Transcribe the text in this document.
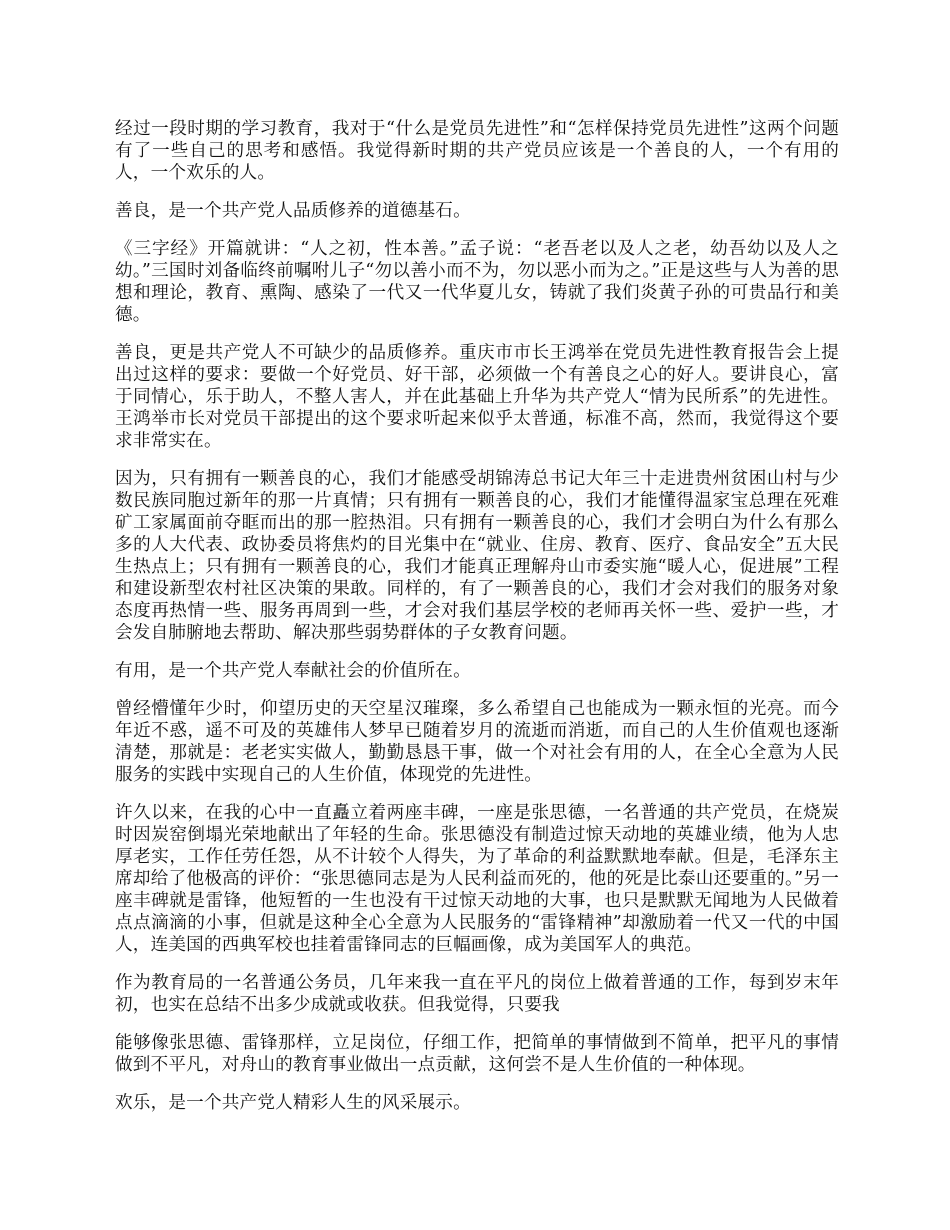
经过一段时期的学习教育，我对于“什么是党员先进性”和“怎样保持党员先进性”这两个问题有了一些自己的思考和感悟。我觉得新时期的共产党员应该是一个善良的人，一个有用的人，一个欢乐的人。

善良，是一个共产党人品质修养的道德基石。

《三字经》开篇就讲：“人之初，性本善。”孟子说：“老吾老以及人之老，幼吾幼以及人之幼。”三国时刘备临终前嘱咐儿子“勿以善小而不为，勿以恶小而为之。”正是这些与人为善的思想和理论，教育、熏陶、感染了一代又一代华夏儿女，铸就了我们炎黄子孙的可贵品行和美德。

善良，更是共产党人不可缺少的品质修养。重庆市市长王鸿举在党员先进性教育报告会上提出过这样的要求：要做一个好党员、好干部，必须做一个有善良之心的好人。要讲良心，富于同情心，乐于助人，不整人害人，并在此基础上升华为共产党人“情为民所系”的先进性。王鸿举市长对党员干部提出的这个要求听起来似乎太普通，标准不高，然而，我觉得这个要求非常实在。

因为，只有拥有一颗善良的心，我们才能感受胡锦涛总书记大年三十走进贵州贫困山村与少数民族同胞过新年的那一片真情；只有拥有一颗善良的心，我们才能懂得温家宝总理在死难矿工家属面前夺眶而出的那一腔热泪。只有拥有一颗善良的心，我们才会明白为什么有那么多的人大代表、政协委员将焦灼的目光集中在“就业、住房、教育、医疗、食品安全”五大民生热点上；只有拥有一颗善良的心，我们才能真正理解舟山市委实施“暖人心，促进展”工程和建设新型农村社区决策的果敢。同样的，有了一颗善良的心，我们才会对我们的服务对象态度再热情一些、服务再周到一些，才会对我们基层学校的老师再关怀一些、爱护一些，才会发自肺腑地去帮助、解决那些弱势群体的子女教育问题。

有用，是一个共产党人奉献社会的价值所在。

曾经懵懂年少时，仰望历史的天空星汉璀璨，多么希望自己也能成为一颗永恒的光亮。而今年近不惑，遥不可及的英雄伟人梦早已随着岁月的流逝而消逝，而自己的人生价值观也逐渐清楚，那就是：老老实实做人，勤勤恳恳干事，做一个对社会有用的人，在全心全意为人民服务的实践中实现自己的人生价值，体现党的先进性。

许久以来，在我的心中一直矗立着两座丰碑，一座是张思德，一名普通的共产党员，在烧炭时因炭窑倒塌光荣地献出了年轻的生命。张思德没有制造过惊天动地的英雄业绩，他为人忠厚老实，工作任劳任怨，从不计较个人得失，为了革命的利益默默地奉献。但是，毛泽东主席却给了他极高的评价：“张思德同志是为人民利益而死的，他的死是比泰山还要重的。”另一座丰碑就是雷锋，他短暂的一生也没有干过惊天动地的大事，也只是默默无闻地为人民做着点点滴滴的小事，但就是这种全心全意为人民服务的“雷锋精神”却激励着一代又一代的中国人，连美国的西典军校也挂着雷锋同志的巨幅画像，成为美国军人的典范。

作为教育局的一名普通公务员，几年来我一直在平凡的岗位上做着普通的工作，每到岁末年初，也实在总结不出多少成就或收获。但我觉得，只要我

能够像张思德、雷锋那样，立足岗位，仔细工作，把简单的事情做到不简单，把平凡的事情做到不平凡，对舟山的教育事业做出一点贡献，这何尝不是人生价值的一种体现。

欢乐，是一个共产党人精彩人生的风采展示。
